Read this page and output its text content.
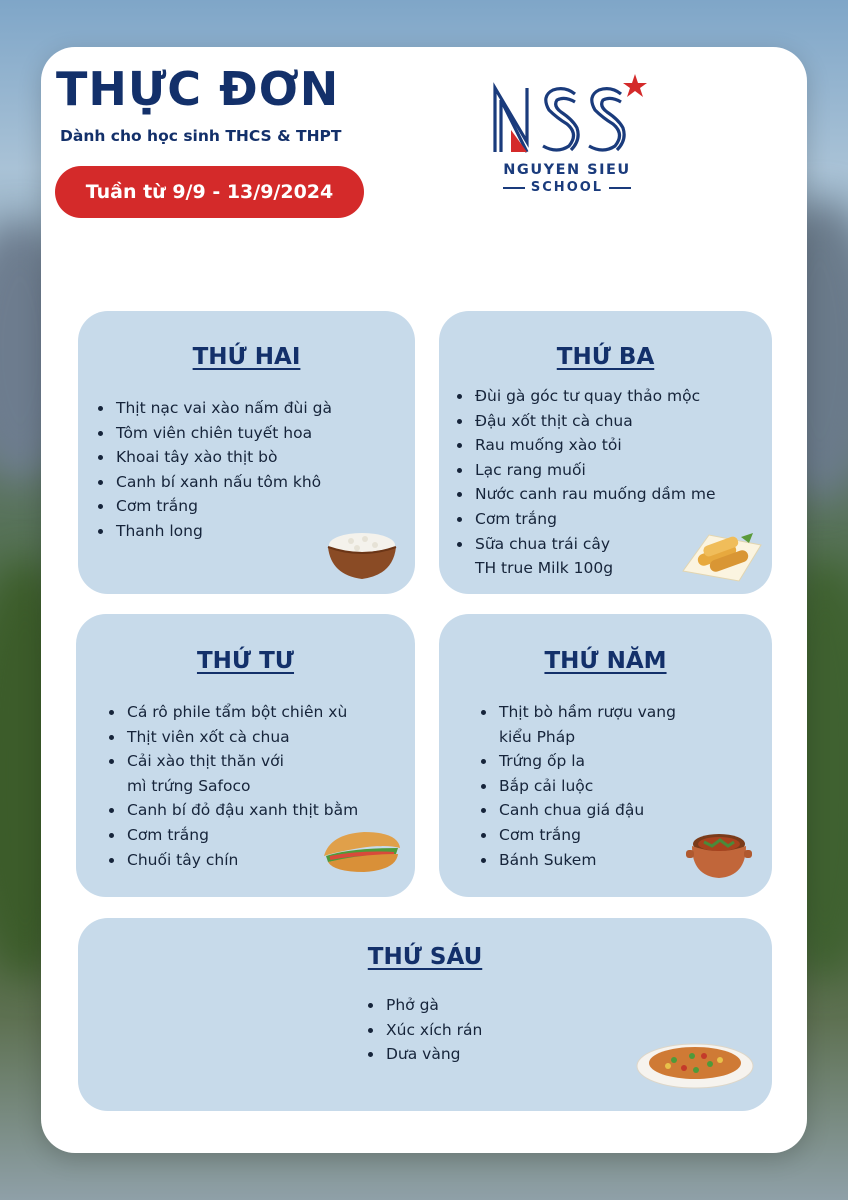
THỰC ĐƠN
Dành cho học sinh THCS & THPT
Tuần từ 9/9 - 13/9/2024
NGUYEN SIEU
SCHOOL
THỨ HAI
Thịt nạc vai xào nấm đùi gà
Tôm viên chiên tuyết hoa
Khoai tây xào thịt bò
Canh bí xanh nấu tôm khô
Cơm trắng
Thanh long
THỨ BA
Đùi gà góc tư quay thảo mộc
Đậu xốt thịt cà chua
Rau muống xào tỏi
Lạc rang muối
Nước canh rau muống dầm me
Cơm trắng
Sữa chua trái cây
TH true Milk 100g
THỨ TƯ
Cá rô phile tẩm bột chiên xù
Thịt viên xốt cà chua
Cải xào thịt thăn với
mì trứng Safoco
Canh bí đỏ đậu xanh thịt bằm
Cơm trắng
Chuối tây chín
THỨ NĂM
Thịt bò hầm rượu vang
kiểu Pháp
Trứng ốp la
Bắp cải luộc
Canh chua giá đậu
Cơm trắng
Bánh Sukem
THỨ SÁU
Phở gà
Xúc xích rán
Dưa vàng
